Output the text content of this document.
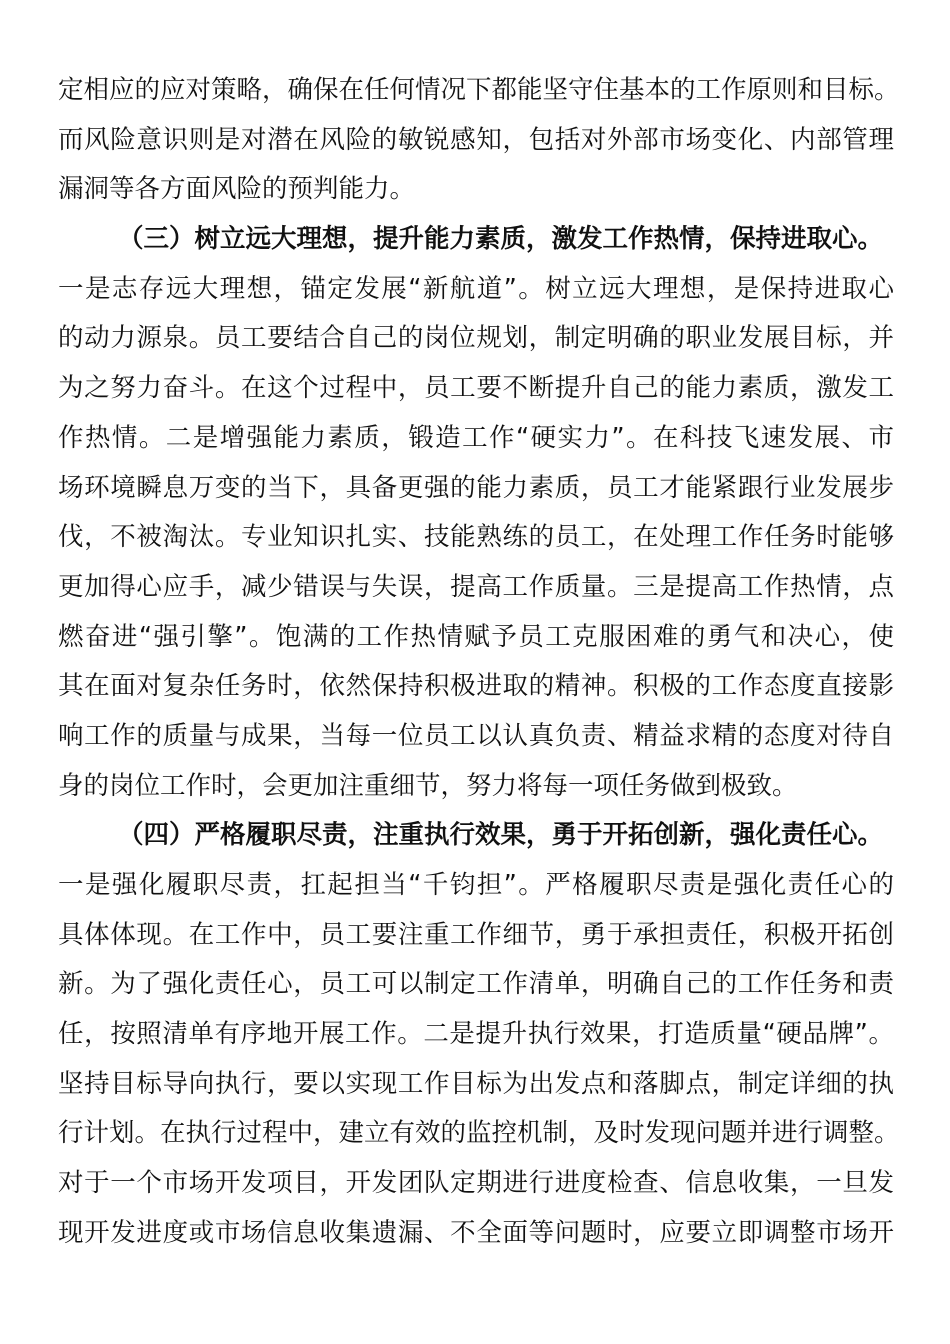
定相应的应对策略，确保在任何情况下都能坚守住基本的工作原则和目标。
而风险意识则是对潜在风险的敏锐感知，包括对外部市场变化、内部管理
漏洞等各方面风险的预判能力。
（三）树立远大理想，提升能力素质，激发工作热情，保持进取心。
一是志存远大理想，锚定发展“新航道”。树立远大理想，是保持进取心
的动力源泉。员工要结合自己的岗位规划，制定明确的职业发展目标，并
为之努力奋斗。在这个过程中，员工要不断提升自己的能力素质，激发工
作热情。二是增强能力素质，锻造工作“硬实力”。在科技飞速发展、市
场环境瞬息万变的当下，具备更强的能力素质，员工才能紧跟行业发展步
伐，不被淘汰。专业知识扎实、技能熟练的员工，在处理工作任务时能够
更加得心应手，减少错误与失误，提高工作质量。三是提高工作热情，点
燃奋进“强引擎”。饱满的工作热情赋予员工克服困难的勇气和决心，使
其在面对复杂任务时，依然保持积极进取的精神。积极的工作态度直接影
响工作的质量与成果，当每一位员工以认真负责、精益求精的态度对待自
身的岗位工作时，会更加注重细节，努力将每一项任务做到极致。
（四）严格履职尽责，注重执行效果，勇于开拓创新，强化责任心。
一是强化履职尽责，扛起担当“千钧担”。严格履职尽责是强化责任心的
具体体现。在工作中，员工要注重工作细节，勇于承担责任，积极开拓创
新。为了强化责任心，员工可以制定工作清单，明确自己的工作任务和责
任，按照清单有序地开展工作。二是提升执行效果，打造质量“硬品牌”。
坚持目标导向执行，要以实现工作目标为出发点和落脚点，制定详细的执
行计划。在执行过程中，建立有效的监控机制，及时发现问题并进行调整。
对于一个市场开发项目，开发团队定期进行进度检查、信息收集，一旦发
现开发进度或市场信息收集遗漏、不全面等问题时，应要立即调整市场开
